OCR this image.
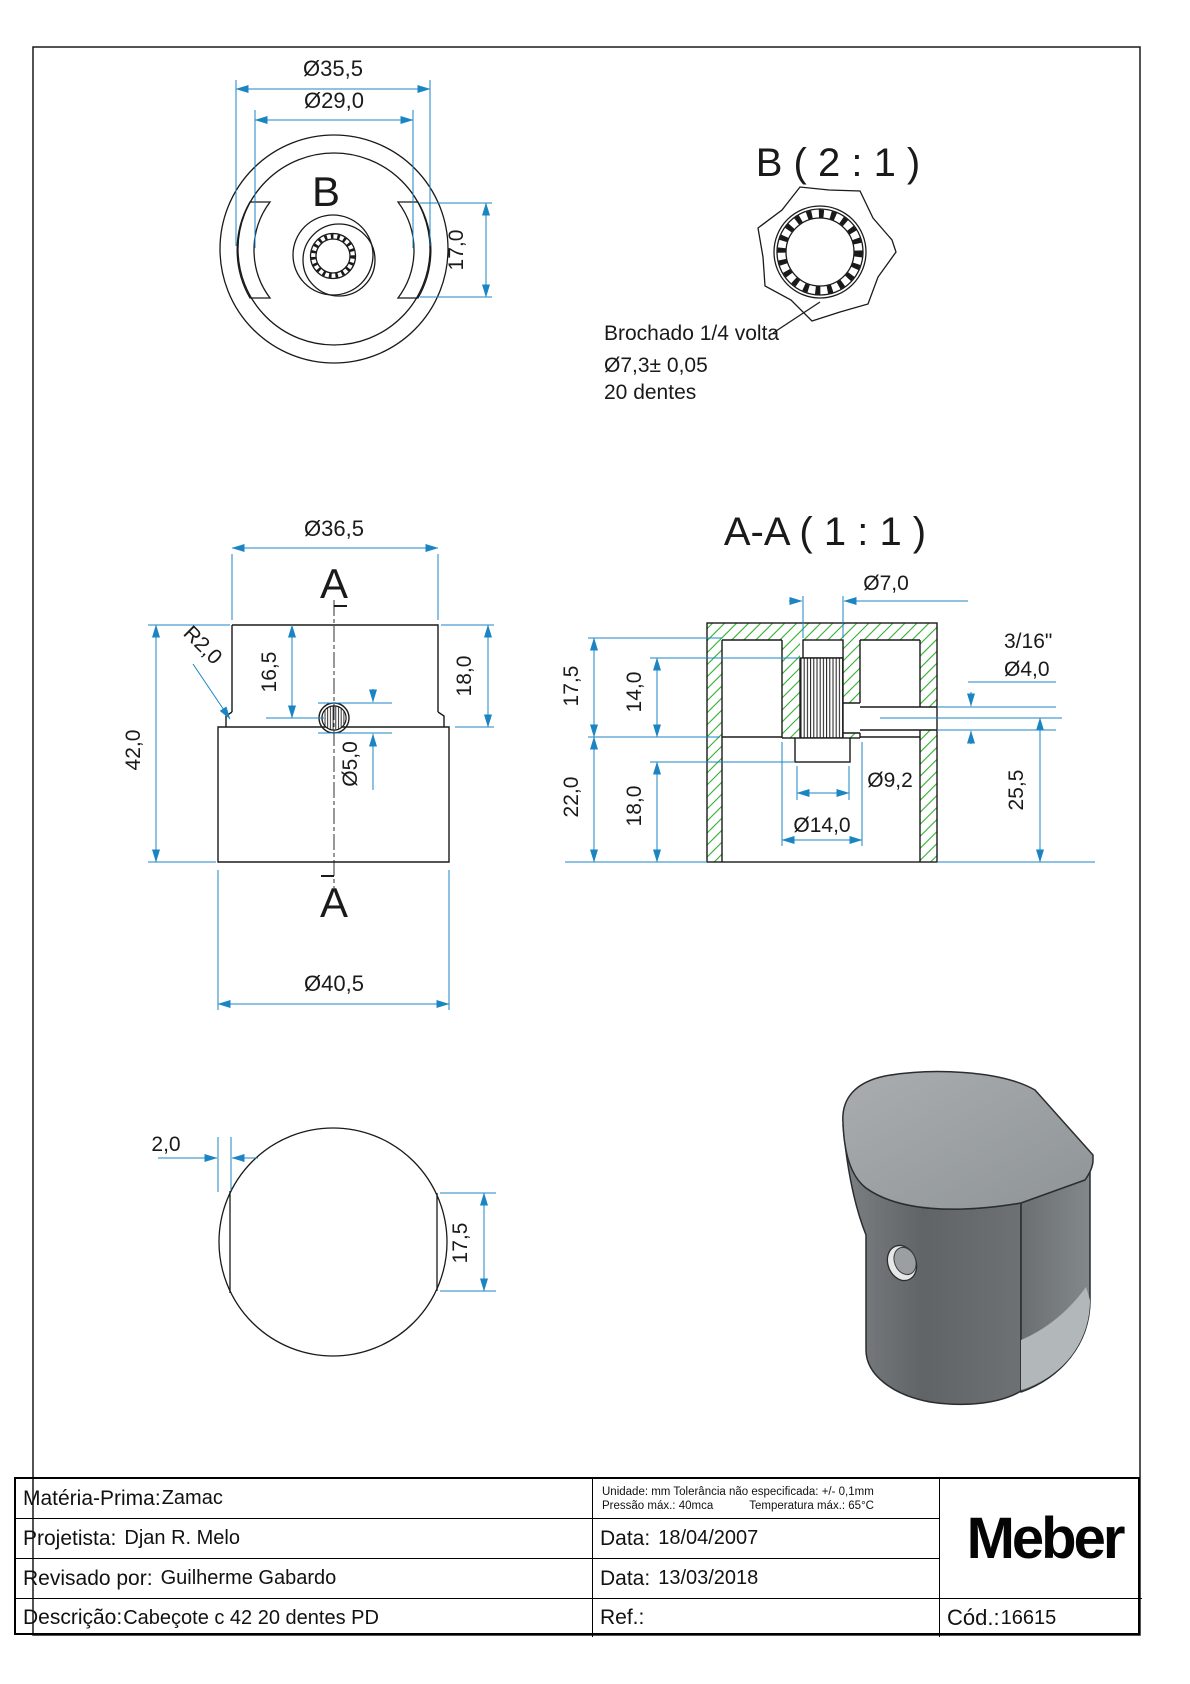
Ø35,5
Ø29,0
17,0
B
B ( 2 : 1 )
Brochado 1/4 volta
Ø7,3± 0,05
20 dentes
Ø36,5
A
A
16,5	18,0
R2,0
42,0	Ø5,0
Ø40,5
A-A ( 1 : 1 )
Ø7,0
17,5 14,0
22,0 18,0
3/16"
Ø4,0
Ø9,2
Ø14,0
25,5
2,0
17,5
Matéria-Prima: Zamac	Unidade: mm Tolerância não especificada: +/- 0,1mm
Pressão máx.: 40mca	Temperatura máx.: 65°C
Meber
Projetista: Djan R. Melo	Data: 18/04/2007
Revisado por: Guilherme Gabardo	Data: 13/03/2018
Descrição: Cabeçote c 42 20 dentes PD	Ref.:	Cód.: 16615
